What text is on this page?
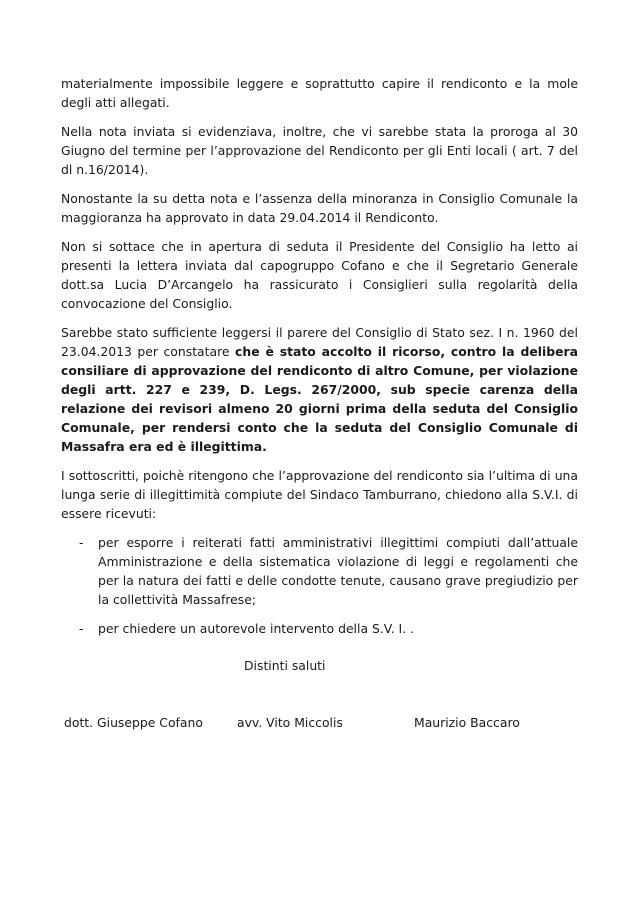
materialmente impossibile leggere e soprattutto capire il rendiconto e la mole degli atti allegati.

Nella nota inviata si evidenziava, inoltre, che vi sarebbe stata la proroga al 30 Giugno del termine per l’approvazione del Rendiconto per gli Enti locali ( art. 7 del dl n.16/2014).

Nonostante la su detta nota e l’assenza della minoranza in Consiglio Comunale la maggioranza ha approvato in data 29.04.2014 il Rendiconto.

Non si sottace che in apertura di seduta il Presidente del Consiglio ha letto ai presenti la lettera inviata dal capogruppo Cofano e che il Segretario Generale dott.sa Lucia D’Arcangelo ha rassicurato i Consiglieri sulla regolarità della convocazione del Consiglio.

Sarebbe stato sufficiente leggersi il parere del Consiglio di Stato sez. I n. 1960 del 23.04.2013 per constatare che è stato accolto il ricorso, contro la delibera consiliare di approvazione del rendiconto di altro Comune, per violazione degli artt. 227 e 239, D. Legs. 267/2000, sub specie carenza della relazione dei revisori almeno 20 giorni prima della seduta del Consiglio Comunale, per rendersi conto che la seduta del Consiglio Comunale di Massafra era ed è illegittima.

I sottoscritti, poichè ritengono che l’approvazione del rendiconto sia l’ultima di una lunga serie di illegittimità compiute del Sindaco Tamburrano, chiedono alla S.V.I. di essere ricevuti:

- per esporre i reiterati fatti amministrativi illegittimi compiuti dall’attuale Amministrazione e della sistematica violazione di leggi e regolamenti che per la natura dei fatti e delle condotte tenute, causano grave pregiudizio per la collettività Massafrese;
- per chiedere un autorevole intervento della S.V. I. .
Distinti saluti
dott. Giuseppe Cofano	avv. Vito Miccolis	Maurizio Baccaro
